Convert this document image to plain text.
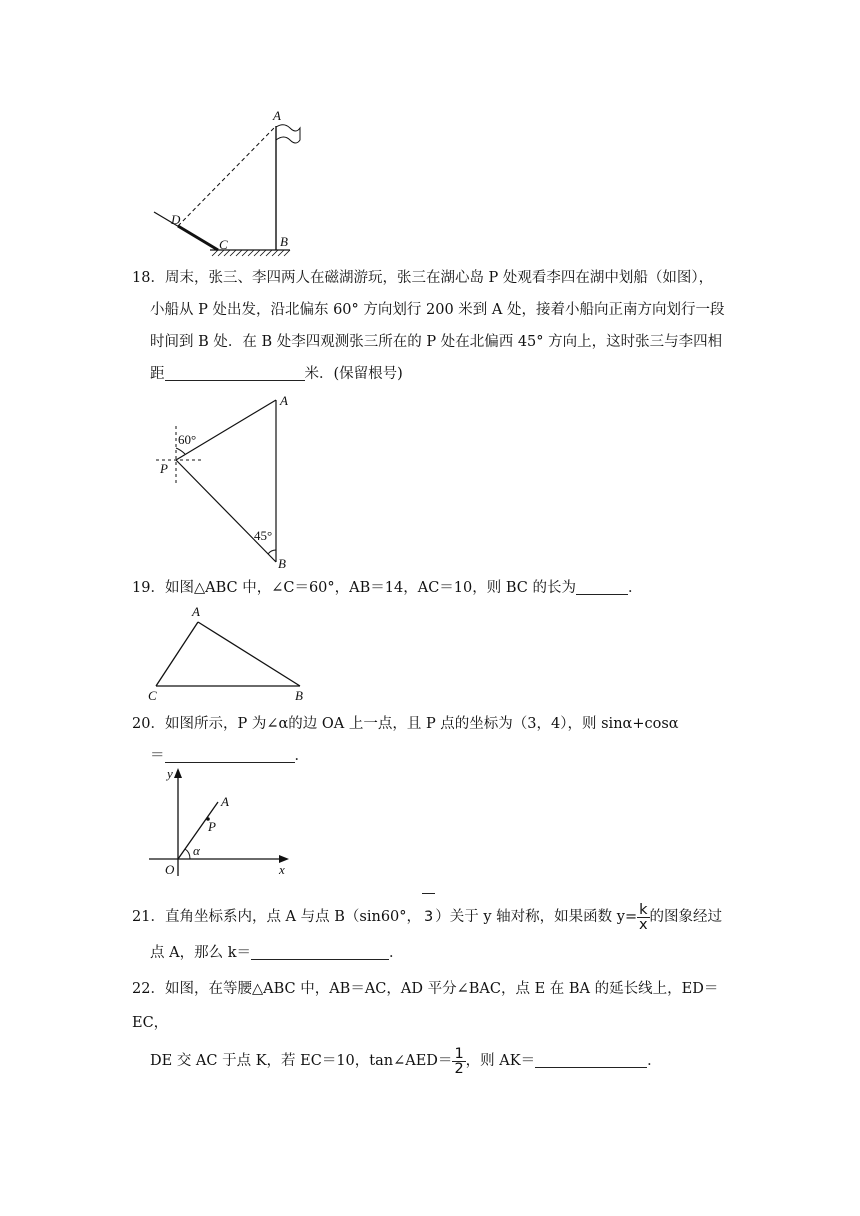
A
B
C
D

18．周末，张三、李四两人在磁湖游玩，张三在湖心岛 P 处观看李四在湖中划船（如图），

小船从 P 处出发，沿北偏东 60° 方向划行 200 米到 A 处，接着小船向正南方向划行一段

时间到 B 处．在 B 处李四观测张三所在的 P 处在北偏西 45° 方向上，这时张三与李四相

距	米．(保留根号)

60°
45°
A
P
B

19．如图△ABC 中，∠C＝60°，AB＝14，AC＝10，则 BC 的长为	．

A
C	B

20．如图所示，P 为∠α的边 OA 上一点，且 P 点的坐标为（3，4），则 sinα+cosα

＝	．

y
x
O
A
P
α

21．直角坐标系内，点 A 与点 B（sin60°， 3 ）关于 y 轴对称，如果函数 $y= \frac{k}{x}$ 的图象经过

点 A，那么 k＝	．

22．如图，在等腰△ABC 中，AB＝AC，AD 平分∠BAC，点 E 在 BA 的延长线上，ED＝EC，

DE 交 AC 于点 K，若 EC＝10，tan∠AED＝ $\frac{1}{2}$ ，则 AK＝	．
